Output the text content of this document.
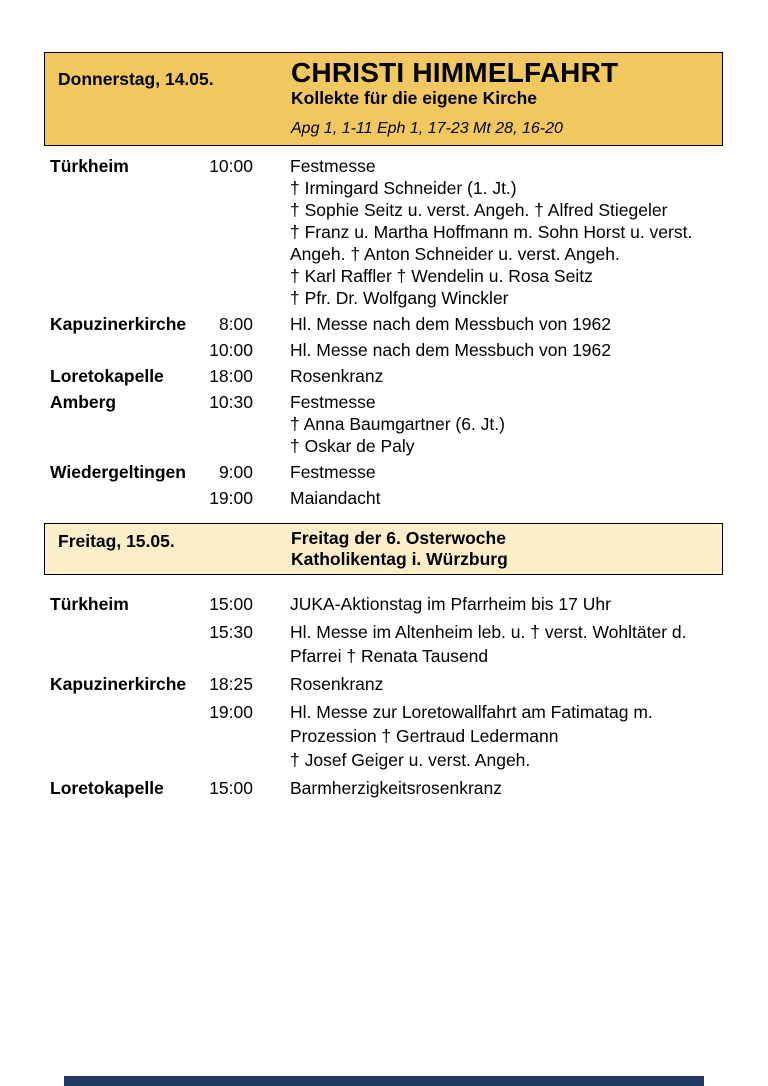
Donnerstag, 14.05.	CHRISTI HIMMELFAHRT
Kollekte für die eigene Kirche
Apg 1, 1-11 Eph 1, 17-23 Mt 28, 16-20
Türkheim	10:00 Festmesse
† Irmingard Schneider (1. Jt.)
† Sophie Seitz u. verst. Angeh. † Alfred Stiegeler
† Franz u. Martha Hoffmann m. Sohn Horst u. verst.
Angeh. † Anton Schneider u. verst. Angeh.
† Karl Raffler † Wendelin u. Rosa Seitz
† Pfr. Dr. Wolfgang Winckler
Kapuzinerkirche	8:00 Hl. Messe nach dem Messbuch von 1962
10:00 Hl. Messe nach dem Messbuch von 1962
Loretokapelle	18:00 Rosenkranz
Amberg	10:30 Festmesse
† Anna Baumgartner (6. Jt.)
† Oskar de Paly
Wiedergeltingen	9:00 Festmesse
19:00 Maiandacht
Freitag, 15.05.	Freitag der 6. Osterwoche
Katholikentag i. Würzburg
Türkheim	15:00 JUKA-Aktionstag im Pfarrheim bis 17 Uhr
15:30 Hl. Messe im Altenheim leb. u. † verst. Wohltäter d.
Pfarrei † Renata Tausend
Kapuzinerkirche	18:25 Rosenkranz
19:00 Hl. Messe zur Loretowallfahrt am Fatimatag m.
Prozession † Gertraud Ledermann
† Josef Geiger u. verst. Angeh.
Loretokapelle	15:00 Barmherzigkeitsrosenkranz
